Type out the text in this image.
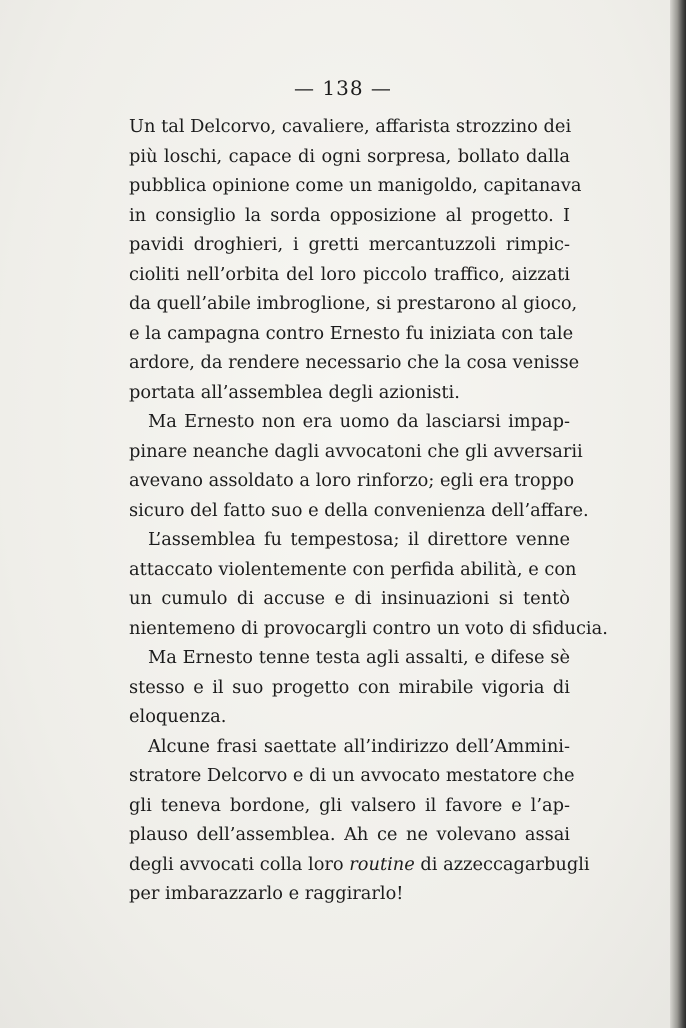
— 138 —
Un tal Delcorvo, cavaliere, affarista strozzino dei
più loschi, capace di ogni sorpresa, bollato dalla
pubblica opinione come un manigoldo, capitanava
in consiglio la sorda opposizione al progetto. I
pavidi droghieri, i gretti mercantuzzoli rimpic-
cioliti nell’orbita del loro piccolo traffico, aizzati
da quell’abile imbroglione, si prestarono al gioco,
e la campagna contro Ernesto fu iniziata con tale
ardore, da rendere necessario che la cosa venisse
portata all’assemblea degli azionisti.
Ma Ernesto non era uomo da lasciarsi impap-
pinare neanche dagli avvocatoni che gli avversarii
avevano assoldato a loro rinforzo; egli era troppo
sicuro del fatto suo e della convenienza dell’affare.
L’assemblea fu tempestosa; il direttore venne
attaccato violentemente con perfida abilità, e con
un cumulo di accuse e di insinuazioni si tentò
nientemeno di provocargli contro un voto di sfiducia.
Ma Ernesto tenne testa agli assalti, e difese sè
stesso e il suo progetto con mirabile vigoria di
eloquenza.
Alcune frasi saettate all’indirizzo dell’Ammini-
stratore Delcorvo e di un avvocato mestatore che
gli teneva bordone, gli valsero il favore e l’ap-
plauso dell’assemblea. Ah ce ne volevano assai
degli avvocati colla loro routine di azzeccagarbugli
per imbarazzarlo e raggirarlo!
